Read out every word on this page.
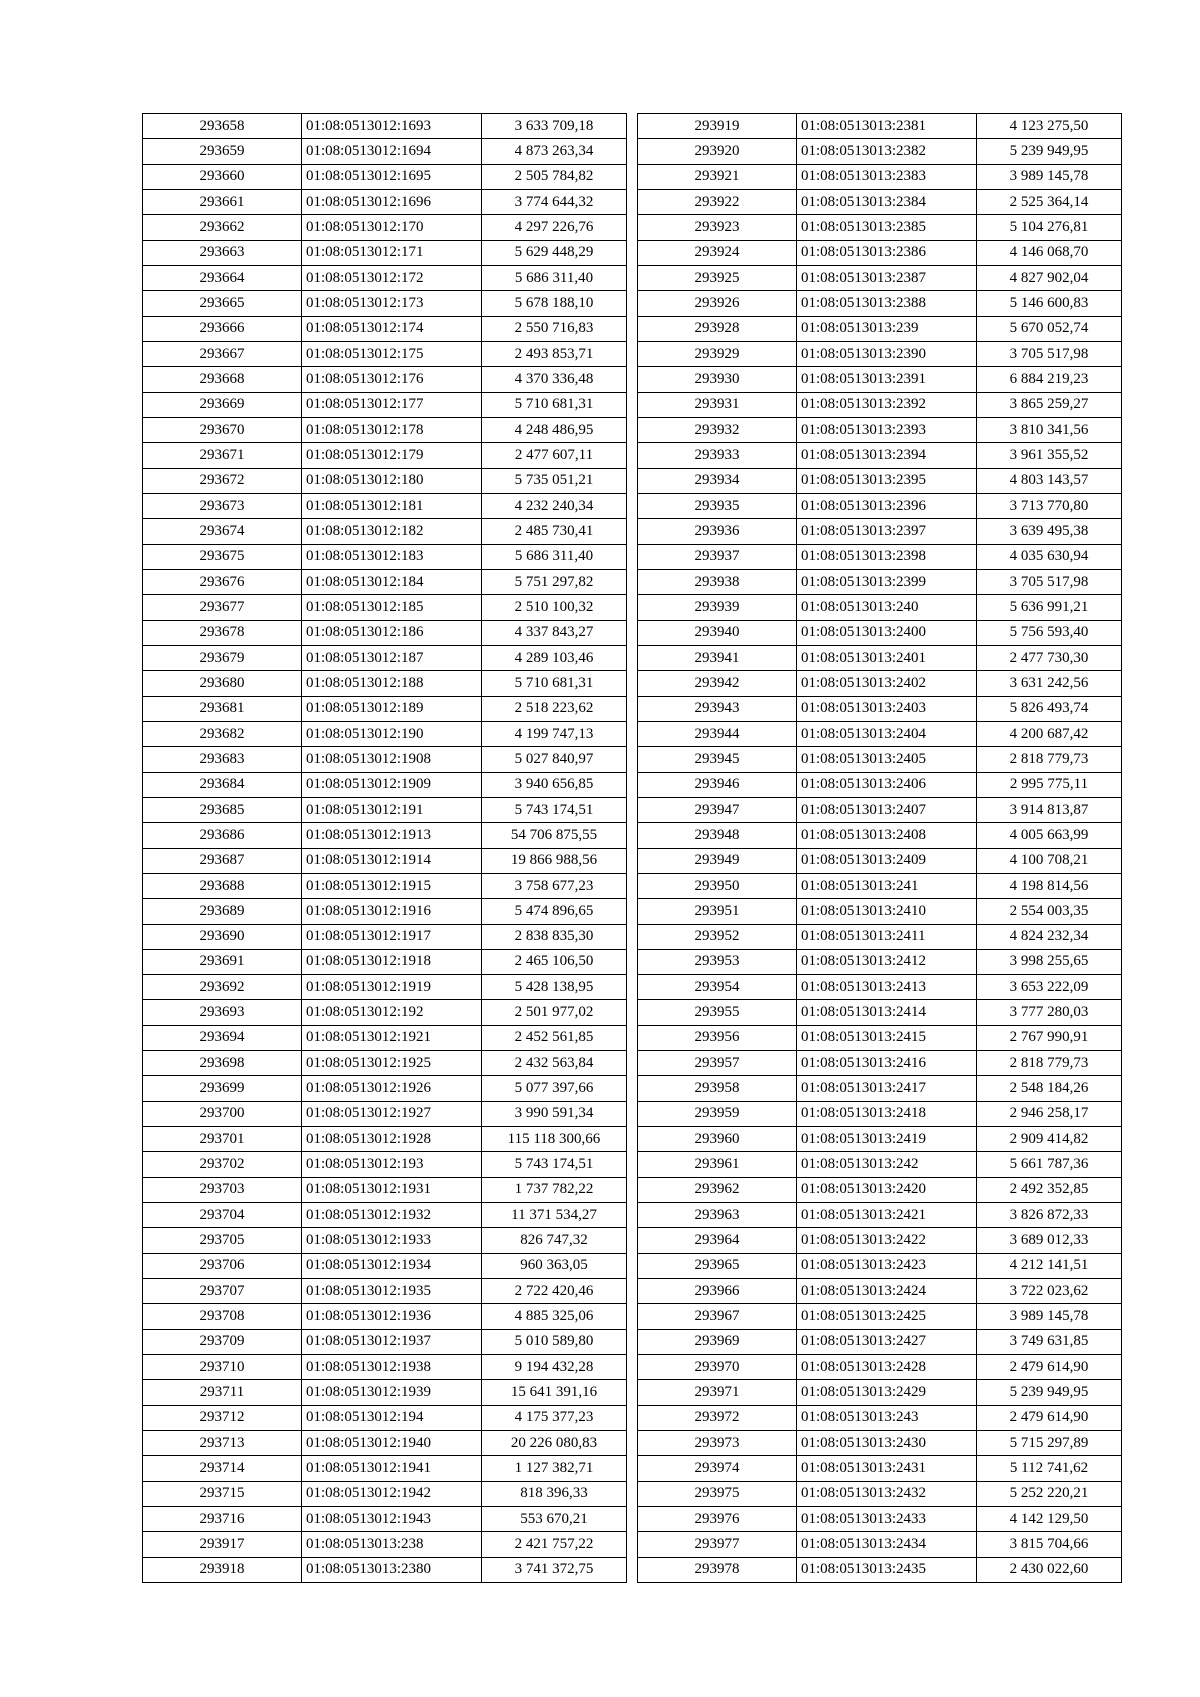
293658	01:08:0513012:1693	3 633 709,18
293659	01:08:0513012:1694	4 873 263,34
293660	01:08:0513012:1695	2 505 784,82
293661	01:08:0513012:1696	3 774 644,32
293662	01:08:0513012:170	4 297 226,76
293663	01:08:0513012:171	5 629 448,29
293664	01:08:0513012:172	5 686 311,40
293665	01:08:0513012:173	5 678 188,10
293666	01:08:0513012:174	2 550 716,83
293667	01:08:0513012:175	2 493 853,71
293668	01:08:0513012:176	4 370 336,48
293669	01:08:0513012:177	5 710 681,31
293670	01:08:0513012:178	4 248 486,95
293671	01:08:0513012:179	2 477 607,11
293672	01:08:0513012:180	5 735 051,21
293673	01:08:0513012:181	4 232 240,34
293674	01:08:0513012:182	2 485 730,41
293675	01:08:0513012:183	5 686 311,40
293676	01:08:0513012:184	5 751 297,82
293677	01:08:0513012:185	2 510 100,32
293678	01:08:0513012:186	4 337 843,27
293679	01:08:0513012:187	4 289 103,46
293680	01:08:0513012:188	5 710 681,31
293681	01:08:0513012:189	2 518 223,62
293682	01:08:0513012:190	4 199 747,13
293683	01:08:0513012:1908	5 027 840,97
293684	01:08:0513012:1909	3 940 656,85
293685	01:08:0513012:191	5 743 174,51
293686	01:08:0513012:1913	54 706 875,55
293687	01:08:0513012:1914	19 866 988,56
293688	01:08:0513012:1915	3 758 677,23
293689	01:08:0513012:1916	5 474 896,65
293690	01:08:0513012:1917	2 838 835,30
293691	01:08:0513012:1918	2 465 106,50
293692	01:08:0513012:1919	5 428 138,95
293693	01:08:0513012:192	2 501 977,02
293694	01:08:0513012:1921	2 452 561,85
293698	01:08:0513012:1925	2 432 563,84
293699	01:08:0513012:1926	5 077 397,66
293700	01:08:0513012:1927	3 990 591,34
293701	01:08:0513012:1928	115 118 300,66
293702	01:08:0513012:193	5 743 174,51
293703	01:08:0513012:1931	1 737 782,22
293704	01:08:0513012:1932	11 371 534,27
293705	01:08:0513012:1933	826 747,32
293706	01:08:0513012:1934	960 363,05
293707	01:08:0513012:1935	2 722 420,46
293708	01:08:0513012:1936	4 885 325,06
293709	01:08:0513012:1937	5 010 589,80
293710	01:08:0513012:1938	9 194 432,28
293711	01:08:0513012:1939	15 641 391,16
293712	01:08:0513012:194	4 175 377,23
293713	01:08:0513012:1940	20 226 080,83
293714	01:08:0513012:1941	1 127 382,71
293715	01:08:0513012:1942	818 396,33
293716	01:08:0513012:1943	553 670,21
293917	01:08:0513013:238	2 421 757,22
293918	01:08:0513013:2380	3 741 372,75
293919	01:08:0513013:2381	4 123 275,50
293920	01:08:0513013:2382	5 239 949,95
293921	01:08:0513013:2383	3 989 145,78
293922	01:08:0513013:2384	2 525 364,14
293923	01:08:0513013:2385	5 104 276,81
293924	01:08:0513013:2386	4 146 068,70
293925	01:08:0513013:2387	4 827 902,04
293926	01:08:0513013:2388	5 146 600,83
293928	01:08:0513013:239	5 670 052,74
293929	01:08:0513013:2390	3 705 517,98
293930	01:08:0513013:2391	6 884 219,23
293931	01:08:0513013:2392	3 865 259,27
293932	01:08:0513013:2393	3 810 341,56
293933	01:08:0513013:2394	3 961 355,52
293934	01:08:0513013:2395	4 803 143,57
293935	01:08:0513013:2396	3 713 770,80
293936	01:08:0513013:2397	3 639 495,38
293937	01:08:0513013:2398	4 035 630,94
293938	01:08:0513013:2399	3 705 517,98
293939	01:08:0513013:240	5 636 991,21
293940	01:08:0513013:2400	5 756 593,40
293941	01:08:0513013:2401	2 477 730,30
293942	01:08:0513013:2402	3 631 242,56
293943	01:08:0513013:2403	5 826 493,74
293944	01:08:0513013:2404	4 200 687,42
293945	01:08:0513013:2405	2 818 779,73
293946	01:08:0513013:2406	2 995 775,11
293947	01:08:0513013:2407	3 914 813,87
293948	01:08:0513013:2408	4 005 663,99
293949	01:08:0513013:2409	4 100 708,21
293950	01:08:0513013:241	4 198 814,56
293951	01:08:0513013:2410	2 554 003,35
293952	01:08:0513013:2411	4 824 232,34
293953	01:08:0513013:2412	3 998 255,65
293954	01:08:0513013:2413	3 653 222,09
293955	01:08:0513013:2414	3 777 280,03
293956	01:08:0513013:2415	2 767 990,91
293957	01:08:0513013:2416	2 818 779,73
293958	01:08:0513013:2417	2 548 184,26
293959	01:08:0513013:2418	2 946 258,17
293960	01:08:0513013:2419	2 909 414,82
293961	01:08:0513013:242	5 661 787,36
293962	01:08:0513013:2420	2 492 352,85
293963	01:08:0513013:2421	3 826 872,33
293964	01:08:0513013:2422	3 689 012,33
293965	01:08:0513013:2423	4 212 141,51
293966	01:08:0513013:2424	3 722 023,62
293967	01:08:0513013:2425	3 989 145,78
293969	01:08:0513013:2427	3 749 631,85
293970	01:08:0513013:2428	2 479 614,90
293971	01:08:0513013:2429	5 239 949,95
293972	01:08:0513013:243	2 479 614,90
293973	01:08:0513013:2430	5 715 297,89
293974	01:08:0513013:2431	5 112 741,62
293975	01:08:0513013:2432	5 252 220,21
293976	01:08:0513013:2433	4 142 129,50
293977	01:08:0513013:2434	3 815 704,66
293978	01:08:0513013:2435	2 430 022,60
